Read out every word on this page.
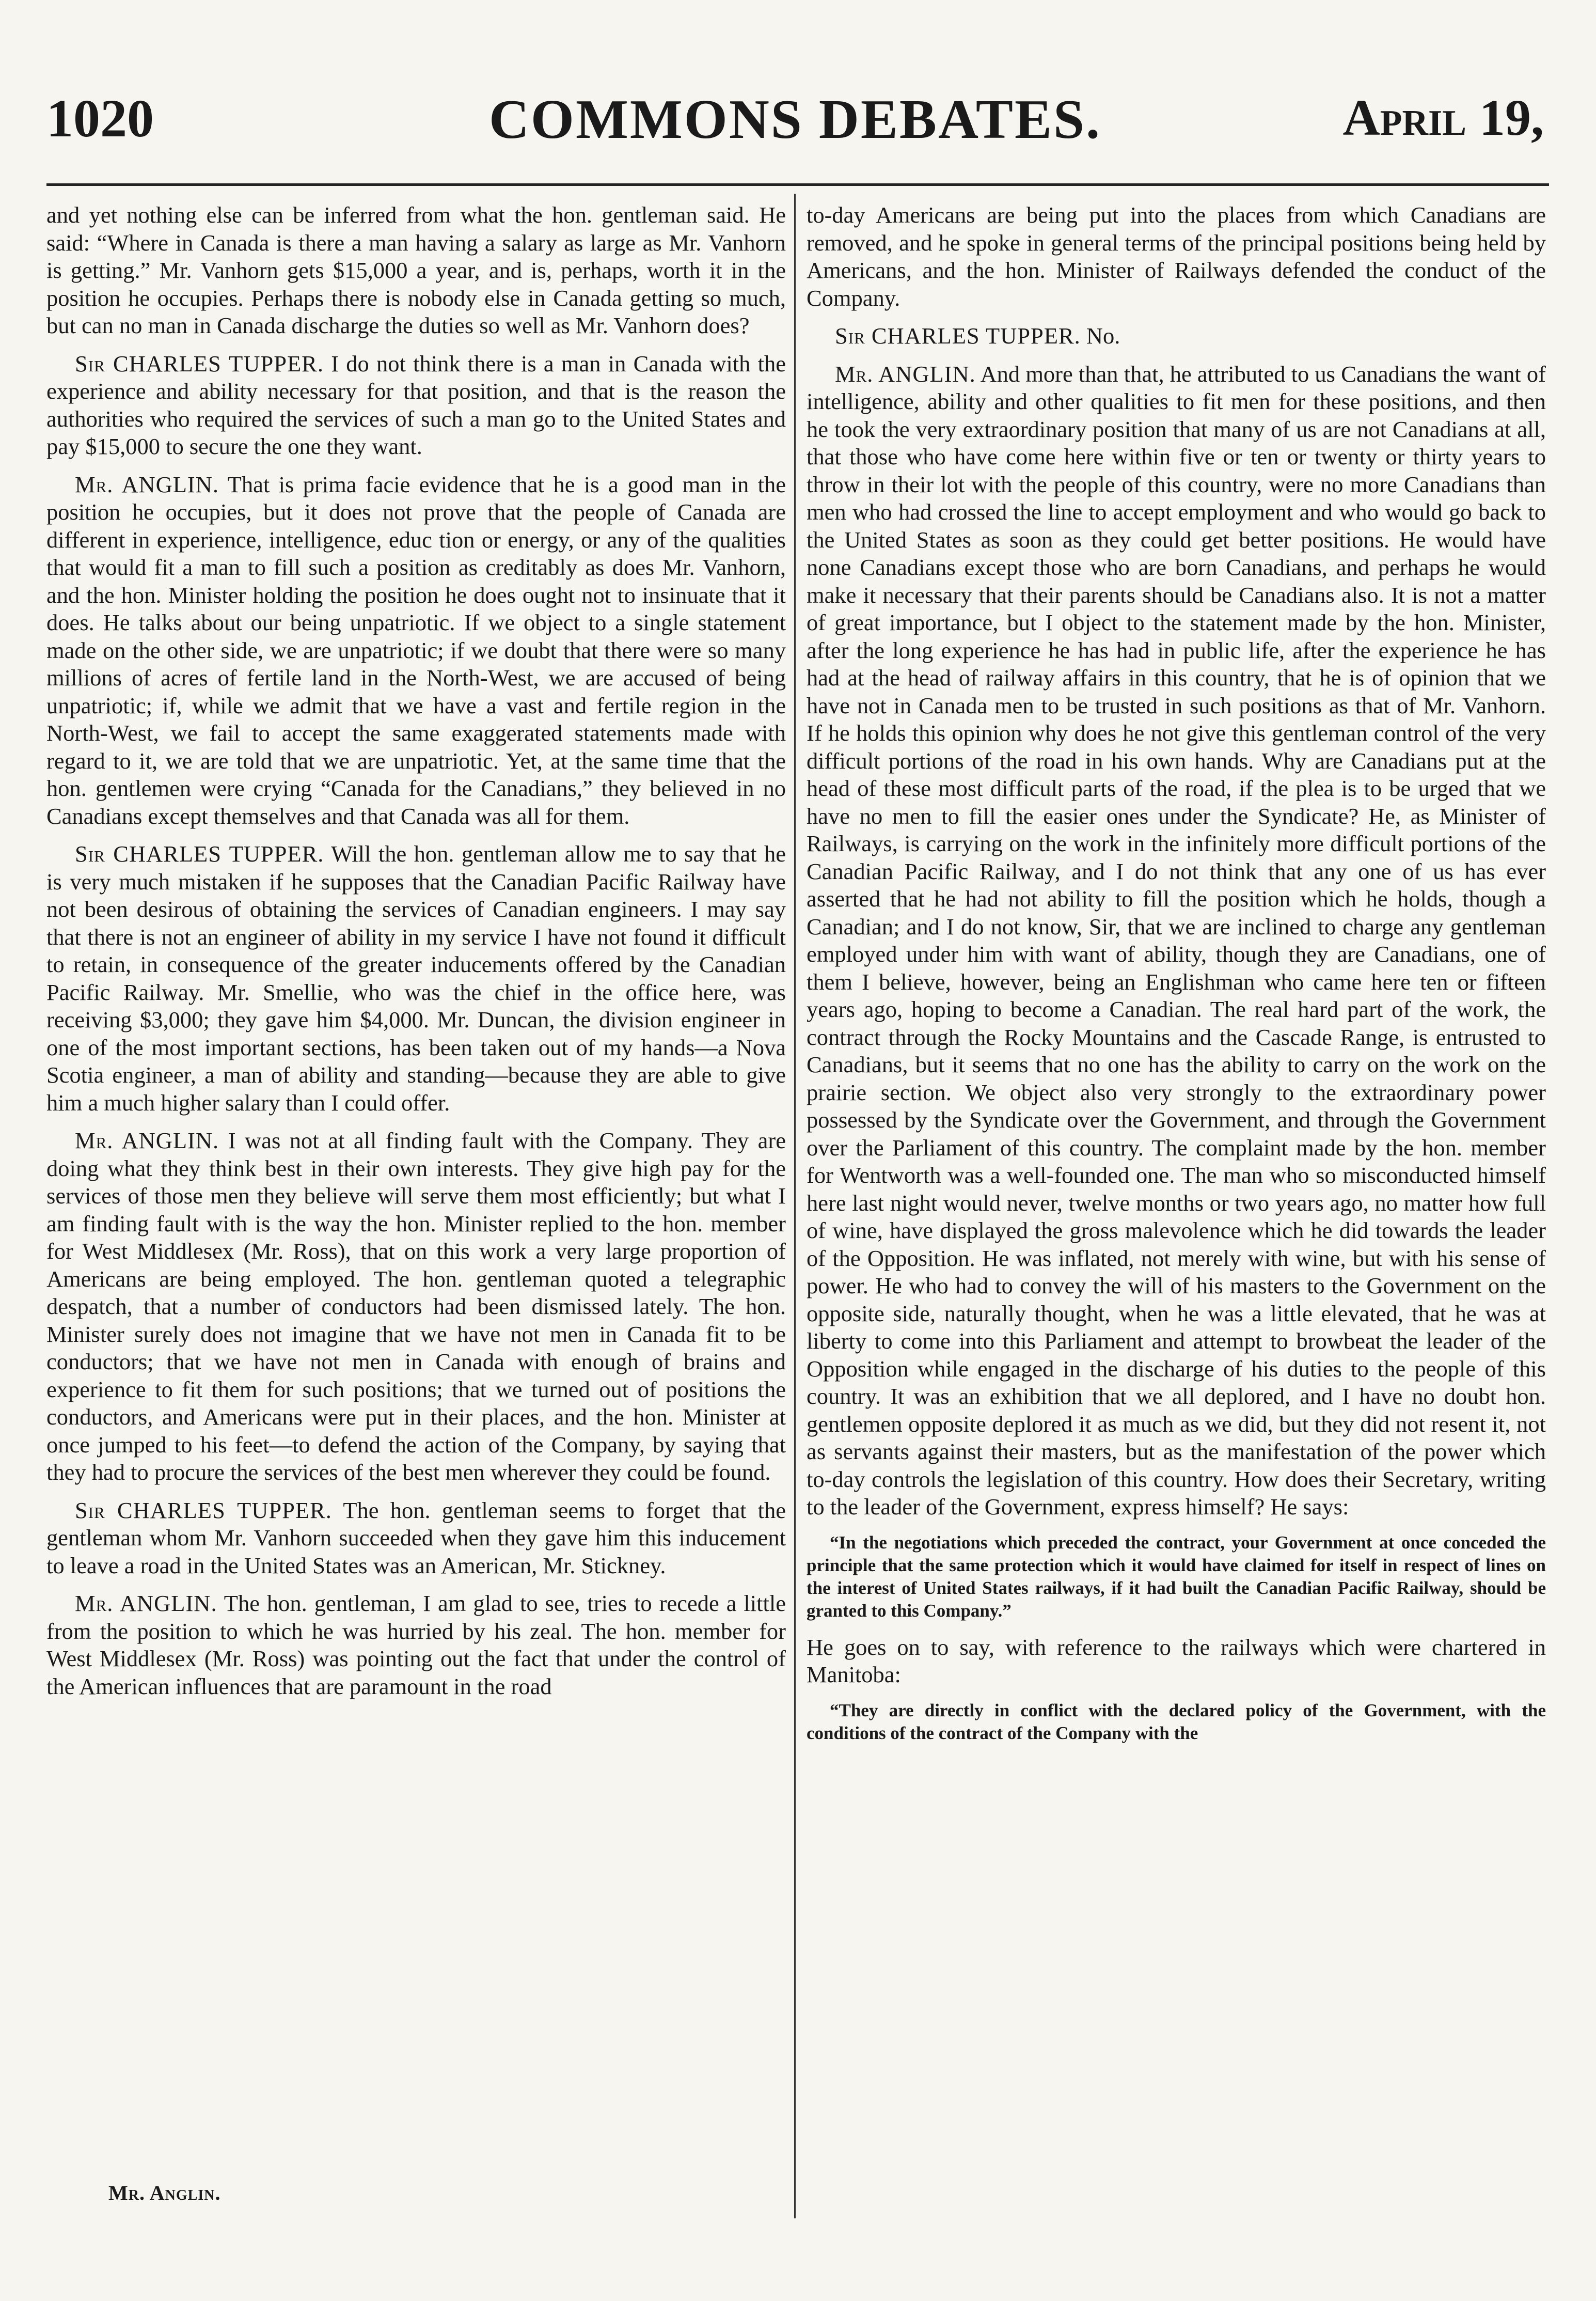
COMMONS DEBATES.
1020	April 19,

and yet nothing else can be inferred from what the hon. gentleman said. He said: “Where in Canada is there a man having a salary as large as Mr. Vanhorn is getting.” Mr. Vanhorn gets $15,000 a year, and is, perhaps, worth it in the position he occupies. Perhaps there is nobody else in Canada getting so much, but can no man in Canada discharge the duties so well as Mr. Vanhorn does?

Sir CHARLES TUPPER. I do not think there is a man in Canada with the experience and ability necessary for that position, and that is the reason the authorities who required the services of such a man go to the United States and pay $15,000 to secure the one they want.

Mr. ANGLIN. That is prima facie evidence that he is a good man in the position he occupies, but it does not prove that the people of Canada are different in experience, intelligence, educ tion or energy, or any of the qualities that would fit a man to fill such a position as creditably as does Mr. Vanhorn, and the hon. Minister holding the position he does ought not to insinuate that it does. He talks about our being unpatriotic. If we object to a single statement made on the other side, we are unpatriotic; if we doubt that there were so many millions of acres of fertile land in the North-West, we are accused of being unpatriotic; if, while we admit that we have a vast and fertile region in the North-West, we fail to accept the same exaggerated statements made with regard to it, we are told that we are unpatriotic. Yet, at the same time that the hon. gentlemen were crying “Canada for the Canadians,” they believed in no Canadians except themselves and that Canada was all for them.

Sir CHARLES TUPPER. Will the hon. gentleman allow me to say that he is very much mistaken if he supposes that the Canadian Pacific Railway have not been desirous of obtaining the services of Canadian engineers. I may say that there is not an engineer of ability in my service I have not found it difficult to retain, in consequence of the greater inducements offered by the Canadian Pacific Railway. Mr. Smellie, who was the chief in the office here, was receiving $3,000; they gave him $4,000. Mr. Duncan, the division engineer in one of the most important sections, has been taken out of my hands—a Nova Scotia engineer, a man of ability and standing—because they are able to give him a much higher salary than I could offer.

Mr. ANGLIN. I was not at all finding fault with the Company. They are doing what they think best in their own interests. They give high pay for the services of those men they believe will serve them most efficiently; but what I am finding fault with is the way the hon. Minister replied to the hon. member for West Middlesex (Mr. Ross), that on this work a very large proportion of Americans are being employed. The hon. gentleman quoted a telegraphic despatch, that a number of conductors had been dismissed lately. The hon. Minister surely does not imagine that we have not men in Canada fit to be conductors; that we have not men in Canada with enough of brains and experience to fit them for such positions; that we turned out of positions the conductors, and Americans were put in their places, and the hon. Minister at once jumped to his feet—to defend the action of the Company, by saying that they had to procure the services of the best men wherever they could be found.

Sir CHARLES TUPPER. The hon. gentleman seems to forget that the gentleman whom Mr. Vanhorn succeeded when they gave him this inducement to leave a road in the United States was an American, Mr. Stickney.

Mr. ANGLIN. The hon. gentleman, I am glad to see, tries to recede a little from the position to which he was hurried by his zeal. The hon. member for West Middlesex (Mr. Ross) was pointing out the fact that under the control of the American influences that are paramount in the road

to-day Americans are being put into the places from which Canadians are removed, and he spoke in general terms of the principal positions being held by Americans, and the hon. Minister of Railways defended the conduct of the Company.

Sir CHARLES TUPPER. No.

Mr. ANGLIN. And more than that, he attributed to us Canadians the want of intelligence, ability and other qualities to fit men for these positions, and then he took the very extraordinary position that many of us are not Canadians at all, that those who have come here within five or ten or twenty or thirty years to throw in their lot with the people of this country, were no more Canadians than men who had crossed the line to accept employment and who would go back to the United States as soon as they could get better positions. He would have none Canadians except those who are born Canadians, and perhaps he would make it necessary that their parents should be Canadians also. It is not a matter of great importance, but I object to the statement made by the hon. Minister, after the long experience he has had in public life, after the experience he has had at the head of railway affairs in this country, that he is of opinion that we have not in Canada men to be trusted in such positions as that of Mr. Vanhorn. If he holds this opinion why does he not give this gentleman control of the very difficult portions of the road in his own hands. Why are Canadians put at the head of these most difficult parts of the road, if the plea is to be urged that we have no men to fill the easier ones under the Syndicate? He, as Minister of Railways, is carrying on the work in the infinitely more difficult portions of the Canadian Pacific Railway, and I do not think that any one of us has ever asserted that he had not ability to fill the position which he holds, though a Canadian; and I do not know, Sir, that we are inclined to charge any gentleman employed under him with want of ability, though they are Canadians, one of them I believe, however, being an Englishman who came here ten or fifteen years ago, hoping to become a Canadian. The real hard part of the work, the contract through the Rocky Mountains and the Cascade Range, is entrusted to Canadians, but it seems that no one has the ability to carry on the work on the prairie section. We object also very strongly to the extraordinary power possessed by the Syndicate over the Government, and through the Government over the Parliament of this country. The complaint made by the hon. member for Wentworth was a well-founded one. The man who so misconducted himself here last night would never, twelve months or two years ago, no matter how full of wine, have displayed the gross malevolence which he did towards the leader of the Opposition. He was inflated, not merely with wine, but with his sense of power. He who had to convey the will of his masters to the Government on the opposite side, naturally thought, when he was a little elevated, that he was at liberty to come into this Parliament and attempt to browbeat the leader of the Opposition while engaged in the discharge of his duties to the people of this country. It was an exhibition that we all deplored, and I have no doubt hon. gentlemen opposite deplored it as much as we did, but they did not resent it, not as servants against their masters, but as the manifestation of the power which to-day controls the legislation of this country. How does their Secretary, writing to the leader of the Government, express himself? He says:

“In the negotiations which preceded the contract, your Government at once conceded the principle that the same protection which it would have claimed for itself in respect of lines on the interest of United States railways, if it had built the Canadian Pacific Railway, should be granted to this Company.”

He goes on to say, with reference to the railways which were chartered in Manitoba:

“They are directly in conflict with the declared policy of the Government, with the conditions of the contract of the Company with the
Mr. Anglin.
